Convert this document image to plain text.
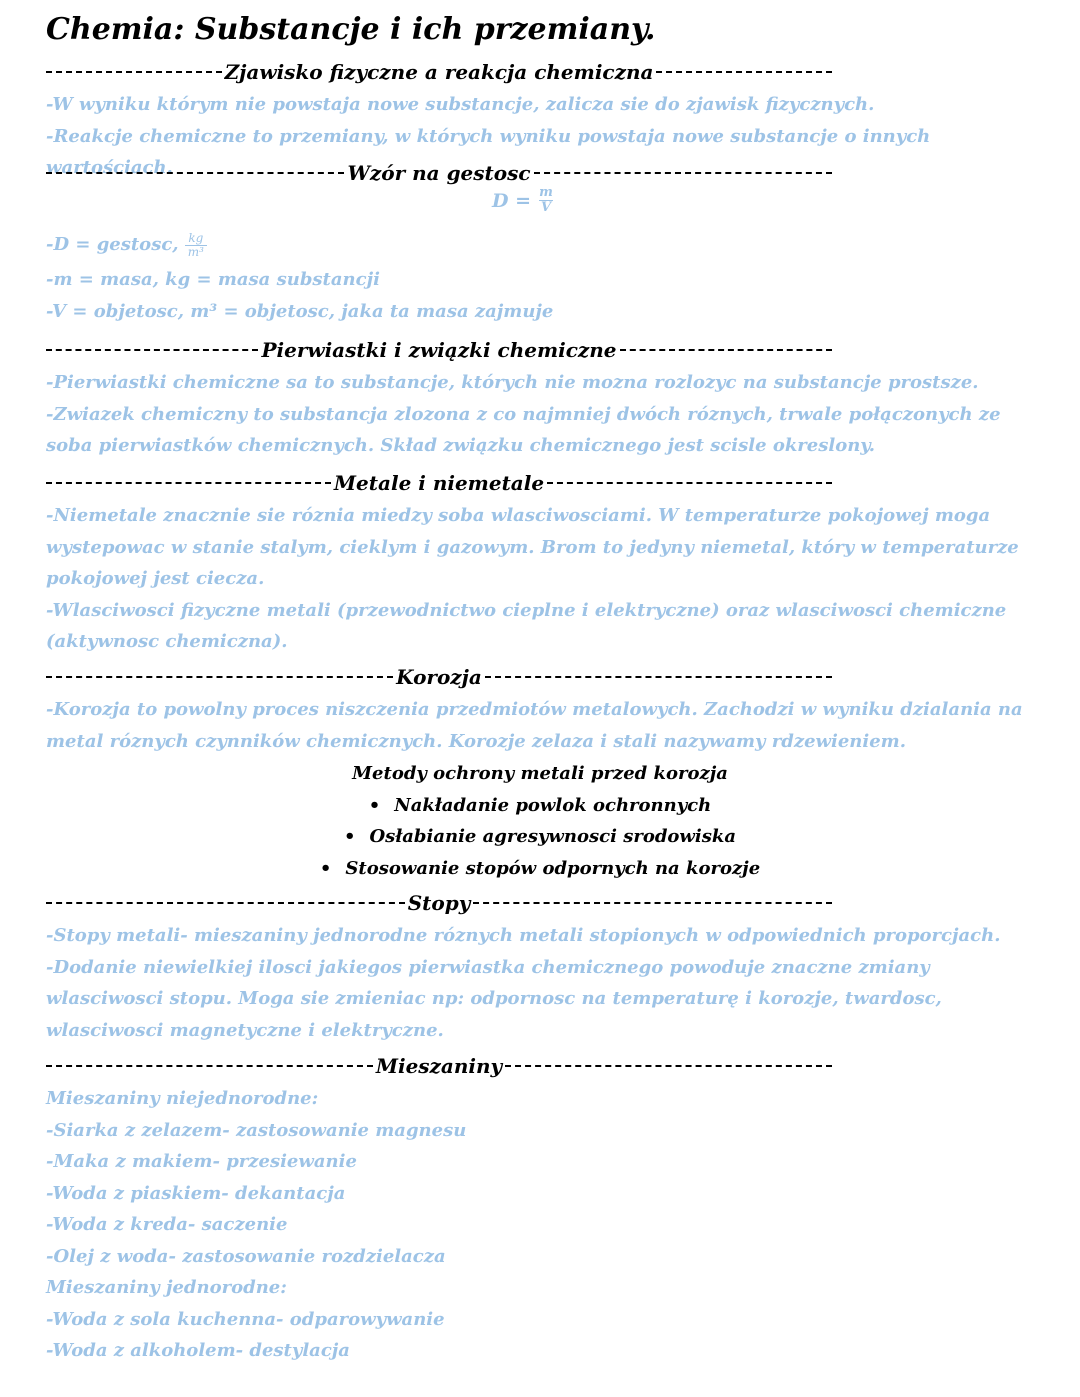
Chemia: Substancje i ich przemiany.
Zjawisko fizyczne a reakcja chemiczna

-W wyniku którym nie powstaja nowe substancje, zalicza sie do zjawisk fizycznych.

-Reakcje chemiczne to przemiany, w których wyniku powstaja nowe substancje o innych wartościach.	Wzór na gestosc
$D = \frac{m}{V}$

-D = gestosc, $\frac{kg}{\text{m³}}$

-m = masa, kg = masa substancji

-V = objetosc, m³ = objetosc, jaka ta masa zajmuje

Pierwiastki i związki chemiczne

-Pierwiastki chemiczne sa to substancje, których nie mozna rozlozyc na substancje prostsze.

-Zwiazek chemiczny to substancja zlozona z co najmniej dwóch róznych, trwale połączonych ze soba pierwiastków chemicznych. Skład związku chemicznego jest scisle okreslony.

Metale i niemetale

-Niemetale znacznie sie róznia miedzy soba wlasciwosciami. W temperaturze pokojowej moga wystepowac w stanie stalym, cieklym i gazowym. Brom to jedyny niemetal, który w temperaturze pokojowej jest ciecza.

-Wlasciwosci fizyczne metali (przewodnictwo cieplne i elektryczne) oraz wlasciwosci chemiczne (aktywnosc chemiczna).

Korozja

-Korozja to powolny proces niszczenia przedmiotów metalowych. Zachodzi w wyniku dzialania na metal róznych czynników chemicznych. Korozje zelaza i stali nazywamy rdzewieniem.

Metody ochrony metali przed korozja
• Nakładanie powlok ochronnych
• Osłabianie agresywnosci srodowiska
• Stosowanie stopów odpornych na korozje
Stopy

-Stopy metali- mieszaniny jednorodne róznych metali stopionych w odpowiednich proporcjach.

-Dodanie niewielkiej ilosci jakiegos pierwiastka chemicznego powoduje znaczne zmiany wlasciwosci stopu. Moga sie zmieniac np: odpornosc na temperaturę i korozje, twardosc, wlasciwosci magnetyczne i elektryczne.

Mieszaniny

Mieszaniny niejednorodne:

-Siarka z zelazem- zastosowanie magnesu

-Maka z makiem- przesiewanie

-Woda z piaskiem- dekantacja

-Woda z kreda- saczenie

-Olej z woda- zastosowanie rozdzielacza

Mieszaniny jednorodne:

-Woda z sola kuchenna- odparowywanie

-Woda z alkoholem- destylacja
